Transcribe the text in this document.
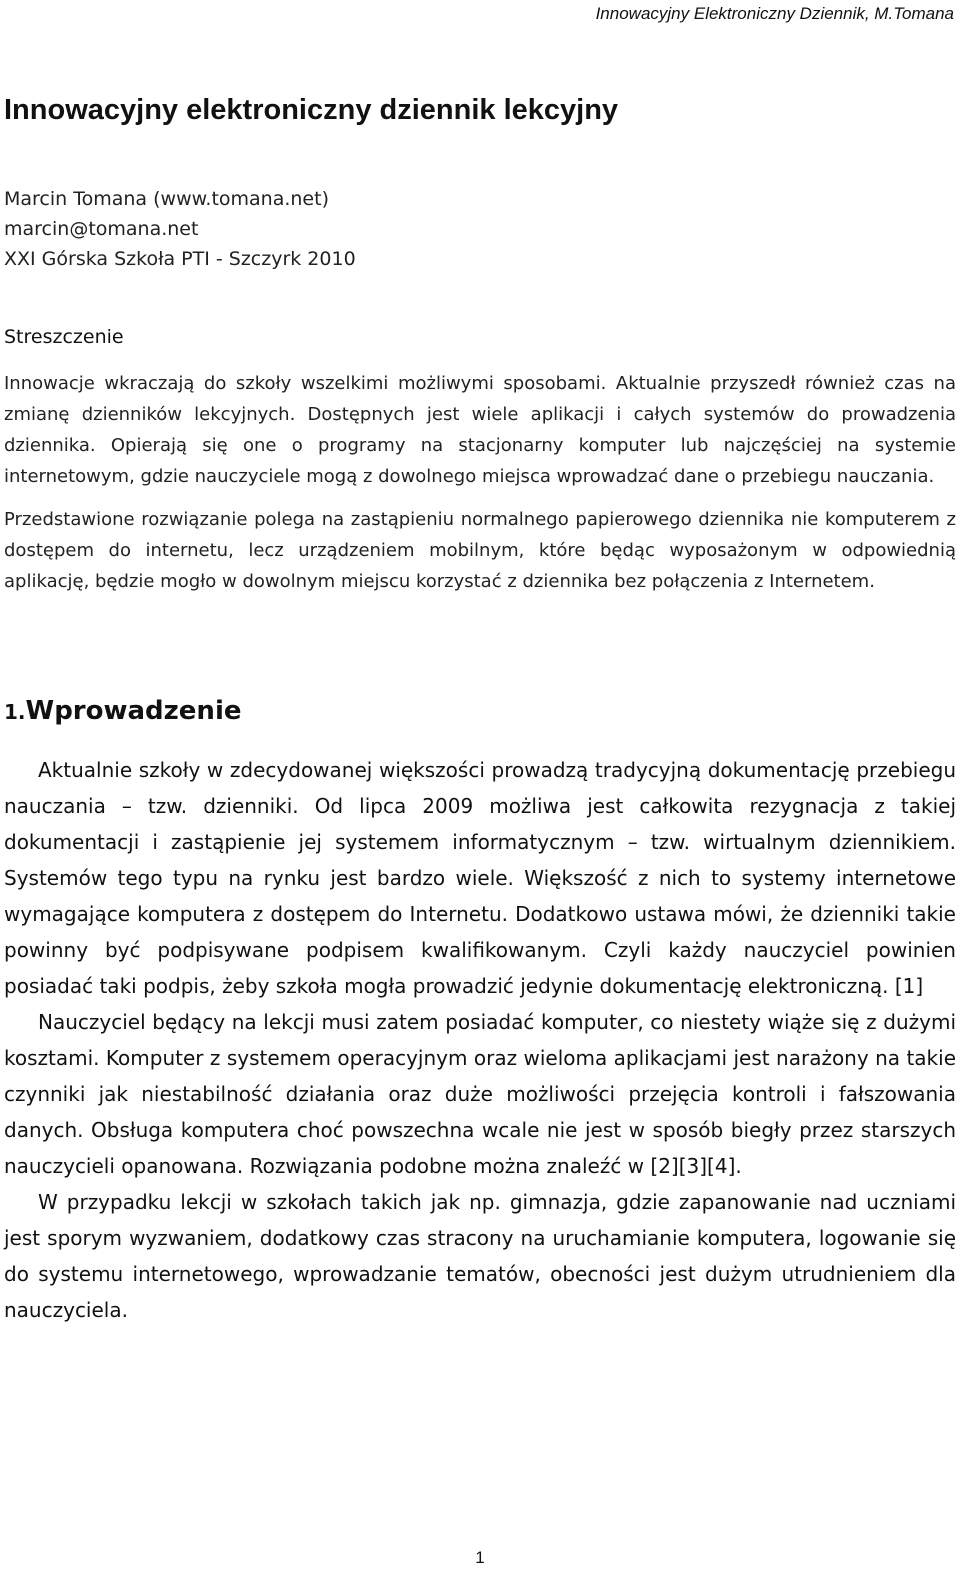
Innowacyjny Elektroniczny Dziennik, M.Tomana
Innowacyjny elektroniczny dziennik lekcyjny
Marcin Tomana (www.tomana.net)
marcin@tomana.net
XXI Górska Szkoła PTI - Szczyrk 2010
Streszczenie

Innowacje wkraczają do szkoły wszelkimi możliwymi sposobami. Aktualnie przyszedł również czas na zmianę dzienników lekcyjnych. Dostępnych jest wiele aplikacji i całych systemów do prowadzenia dziennika. Opierają się one o programy na stacjonarny komputer lub najczęściej na systemie internetowym, gdzie nauczyciele mogą z dowolnego miejsca wprowadzać dane o przebiegu nauczania.

Przedstawione rozwiązanie polega na zastąpieniu normalnego papierowego dziennika nie komputerem z dostępem do internetu, lecz urządzeniem mobilnym, które będąc wyposażonym w odpowiednią aplikację, będzie mogło w dowolnym miejscu korzystać z dziennika bez połączenia z Internetem.

1.Wprowadzenie

Aktualnie szkoły w zdecydowanej większości prowadzą tradycyjną dokumentację przebiegu nauczania – tzw. dzienniki. Od lipca 2009 możliwa jest całkowita rezygnacja z takiej dokumentacji i zastąpienie jej systemem informatycznym – tzw. wirtualnym dziennikiem. Systemów tego typu na rynku jest bardzo wiele. Większość z nich to systemy internetowe wymagające komputera z dostępem do Internetu. Dodatkowo ustawa mówi, że dzienniki takie powinny być podpisywane podpisem kwalifikowanym. Czyli każdy nauczyciel powinien posiadać taki podpis, żeby szkoła mogła prowadzić jedynie dokumentację elektroniczną. [1]

Nauczyciel będący na lekcji musi zatem posiadać komputer, co niestety wiąże się z dużymi kosztami. Komputer z systemem operacyjnym oraz wieloma aplikacjami jest narażony na takie czynniki jak niestabilność działania oraz duże możliwości przejęcia kontroli i fałszowania danych. Obsługa komputera choć powszechna wcale nie jest w sposób biegły przez starszych nauczycieli opanowana. Rozwiązania podobne można znaleźć w [2][3][4].

W przypadku lekcji w szkołach takich jak np. gimnazja, gdzie zapanowanie nad uczniami jest sporym wyzwaniem, dodatkowy czas stracony na uruchamianie komputera, logowanie się do systemu internetowego, wprowadzanie tematów, obecności jest dużym utrudnieniem dla nauczyciela.

1
